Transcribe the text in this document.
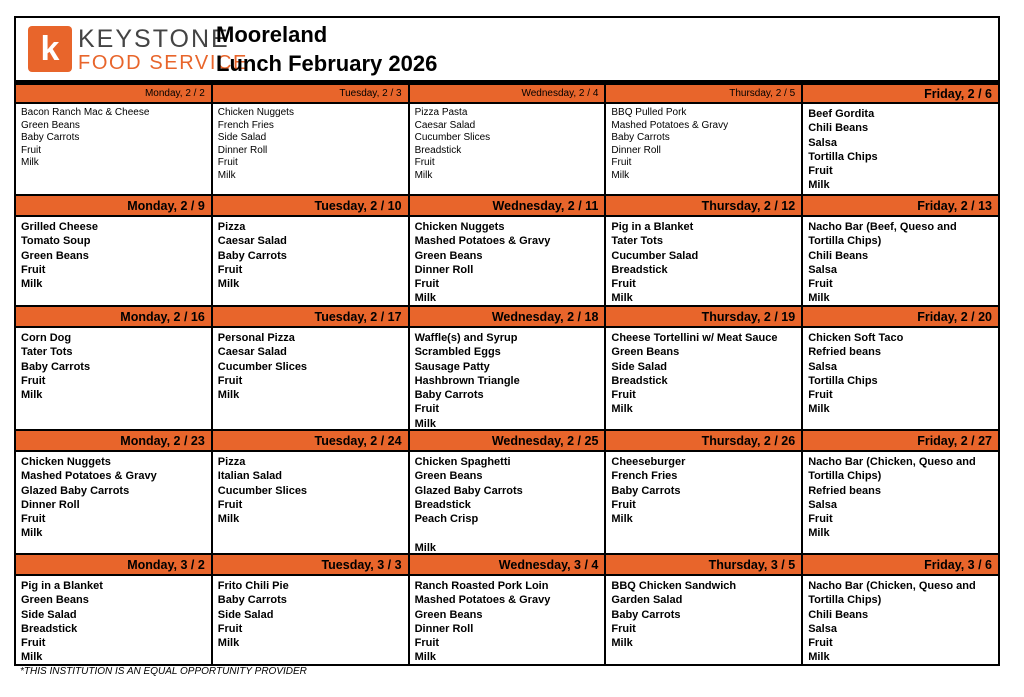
k KEYSTONE
FOOD SERVICE
Mooreland
Lunch February 2026
Monday, 2 / 2
Bacon Ranch Mac & Cheese
Green Beans
Baby Carrots
Fruit
Milk
Tuesday, 2 / 3
Chicken Nuggets
French Fries
Side Salad
Dinner Roll
Fruit
Milk
Wednesday, 2 / 4
Pizza Pasta
Caesar Salad
Cucumber Slices
Breadstick
Fruit
Milk
Thursday, 2 / 5
BBQ Pulled Pork
Mashed Potatoes & Gravy
Baby Carrots
Dinner Roll
Fruit
Milk
Friday, 2 / 6
Beef Gordita
Chili Beans
Salsa
Tortilla Chips
Fruit
Milk
Monday, 2 / 9
Grilled Cheese
Tomato Soup
Green Beans
Fruit
Milk
Tuesday, 2 / 10
Pizza
Caesar Salad
Baby Carrots
Fruit
Milk
Wednesday, 2 / 11
Chicken Nuggets
Mashed Potatoes & Gravy
Green Beans
Dinner Roll
Fruit
Milk
Thursday, 2 / 12
Pig in a Blanket
Tater Tots
Cucumber Salad
Breadstick
Fruit
Milk
Friday, 2 / 13
Nacho Bar (Beef, Queso and
Tortilla Chips)
Chili Beans
Salsa
Fruit
Milk
Monday, 2 / 16
Corn Dog
Tater Tots
Baby Carrots
Fruit
Milk
Tuesday, 2 / 17
Personal Pizza
Caesar Salad
Cucumber Slices
Fruit
Milk
Wednesday, 2 / 18
Waffle(s) and Syrup
Scrambled Eggs
Sausage Patty
Hashbrown Triangle
Baby Carrots
Fruit
Milk
Thursday, 2 / 19
Cheese Tortellini w/ Meat Sauce
Green Beans
Side Salad
Breadstick
Fruit
Milk
Friday, 2 / 20
Chicken Soft Taco
Refried beans
Salsa
Tortilla Chips
Fruit
Milk
Monday, 2 / 23
Chicken Nuggets
Mashed Potatoes & Gravy
Glazed Baby Carrots
Dinner Roll
Fruit
Milk
Tuesday, 2 / 24
Pizza
Italian Salad
Cucumber Slices
Fruit
Milk
Wednesday, 2 / 25
Chicken Spaghetti
Green Beans
Glazed Baby Carrots
Breadstick
Peach Crisp

Milk
Thursday, 2 / 26
Cheeseburger
French Fries
Baby Carrots
Fruit
Milk
Friday, 2 / 27
Nacho Bar (Chicken, Queso and
Tortilla Chips)
Refried beans
Salsa
Fruit
Milk
Monday, 3 / 2
Pig in a Blanket
Green Beans
Side Salad
Breadstick
Fruit
Milk
Tuesday, 3 / 3
Frito Chili Pie
Baby Carrots
Side Salad
Fruit
Milk
Wednesday, 3 / 4
Ranch Roasted Pork Loin
Mashed Potatoes & Gravy
Green Beans
Dinner Roll
Fruit
Milk
Thursday, 3 / 5
BBQ Chicken Sandwich
Garden Salad
Baby Carrots
Fruit
Milk
Friday, 3 / 6
Nacho Bar (Chicken, Queso and
Tortilla Chips)
Chili Beans
Salsa
Fruit
Milk
*THIS INSTITUTION IS AN EQUAL OPPORTUNITY PROVIDER
